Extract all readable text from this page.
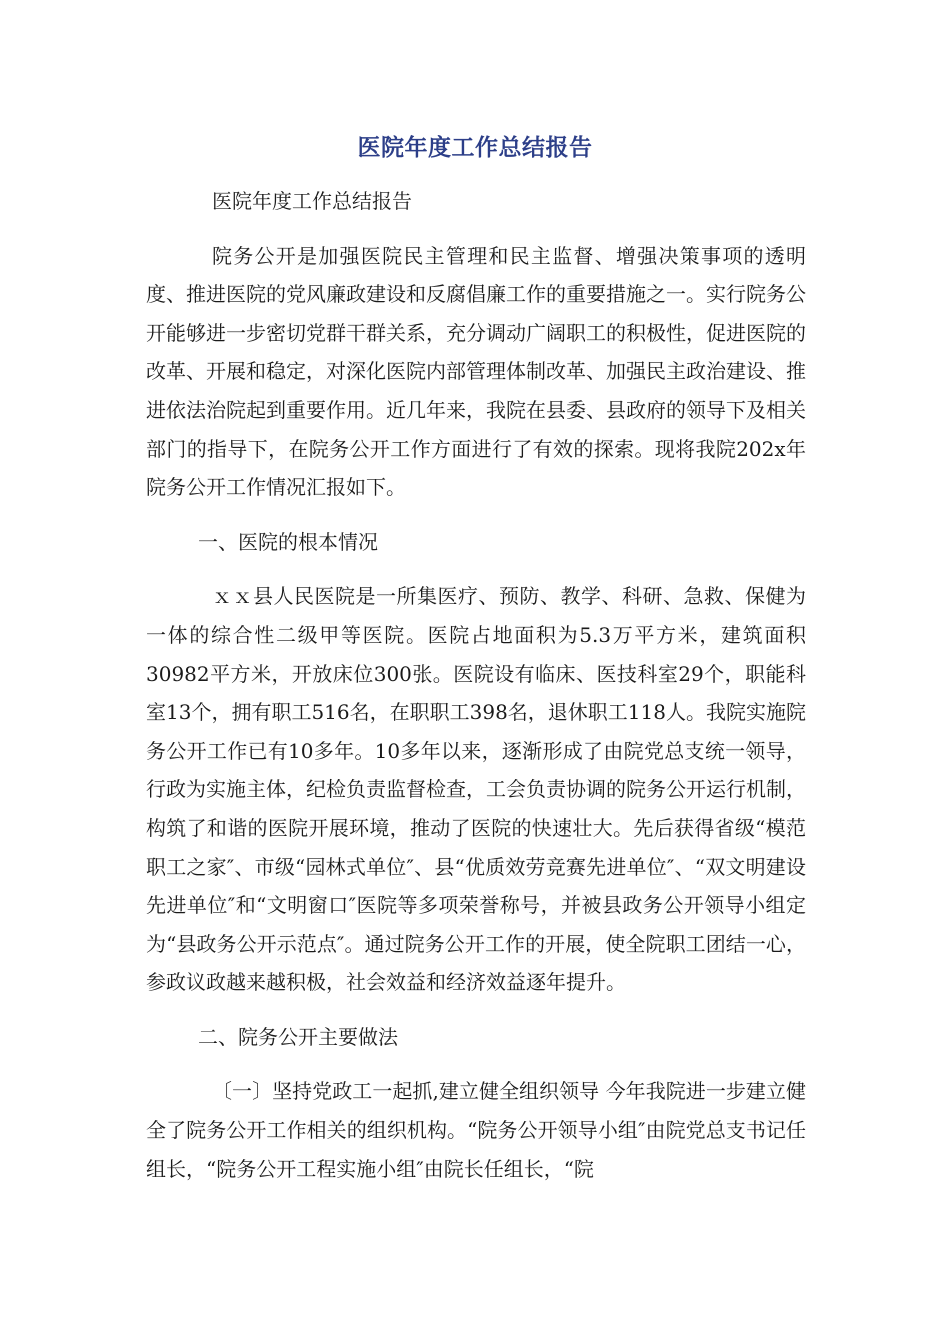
医院年度工作总结报告

医院年度工作总结报告

院务公开是加强医院民主管理和民主监督、增强决策事项的透明度、推进医院的党风廉政建设和反腐倡廉工作的重要措施之一。实行院务公开能够进一步密切党群干群关系，充分调动广阔职工的积极性，促进医院的改革、开展和稳定，对深化医院内部管理体制改革、加强民主政治建设、推进依法治院起到重要作用。近几年来，我院在县委、县政府的领导下及相关部门的指导下，在院务公开工作方面进行了有效的探索。现将我院202x年院务公开工作情况汇报如下。

一、医院的根本情况

ｘｘ县人民医院是一所集医疗、预防、教学、科研、急救、保健为一体的综合性二级甲等医院。医院占地面积为5.3万平方米，建筑面积30982平方米，开放床位300张。医院设有临床、医技科室29个，职能科室13个，拥有职工516名，在职职工398名，退休职工118人。我院实施院务公开工作已有10多年。10多年以来，逐渐形成了由院党总支统一领导，行政为实施主体，纪检负责监督检查，工会负责协调的院务公开运行机制，构筑了和谐的医院开展环境，推动了医院的快速壮大。先后获得省级“模范职工之家″、市级“园林式单位″、县“优质效劳竞赛先进单位″、“双文明建设先进单位″和“文明窗口″医院等多项荣誉称号，并被县政务公开领导小组定为“县政务公开示范点″。通过院务公开工作的开展，使全院职工团结一心，参政议政越来越积极，社会效益和经济效益逐年提升。

二、院务公开主要做法

〔一〕坚持党政工一起抓,建立健全组织领导 今年我院进一步建立健全了院务公开工作相关的组织机构。“院务公开领导小组″由院党总支书记任组长，“院务公开工程实施小组″由院长任组长，“院
